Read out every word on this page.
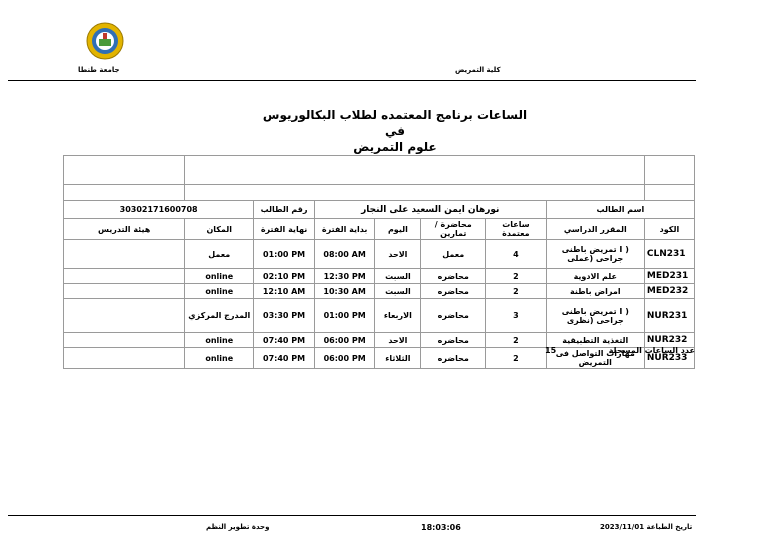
جامعة طنطا	كلية التمريض
الساعات برنامج المعتمده لطلاب البكالوريوس في
علوم التمريض

اسم الطالب		نورهان ايمن السعيد على النجار				رقم الطالب	30302171600708	
الكود	المقرر الدراسي	ساعات معتمدة	محاضرة /تمارين	اليوم	بداية الفترة	نهاية الفترة	المكان	هيئة التدريس
CLN231	( I تمريض باطنى جراحى (عملى	4	معمل	الاحد	08:00 AM	01:00 PM	معمل	
MED231	علم الادوية	2	محاضره	السبت	12:30 PM	02:10 PM	online	
MED232	امراض باطنة	2	محاضره	السبت	10:30 AM	12:10 AM	online	
NUR231	( I تمريض باطنى جراحى (نظرى	3	محاضره	الاربعاء	01:00 PM	03:30 PM	المدرج المركزي	
NUR232	التغذية التطبيقية	2	محاضره	الاحد	06:00 PM	07:40 PM	online	
NUR233	مهارات التواصل فى التمريض	2	محاضره	الثلاثاء	06:00 PM	07:40 PM	online	
عدد الساعات المسجلة
15
تاريخ الطباعة 2023/11/01
18:03:06
وحدة تطوير النظم
